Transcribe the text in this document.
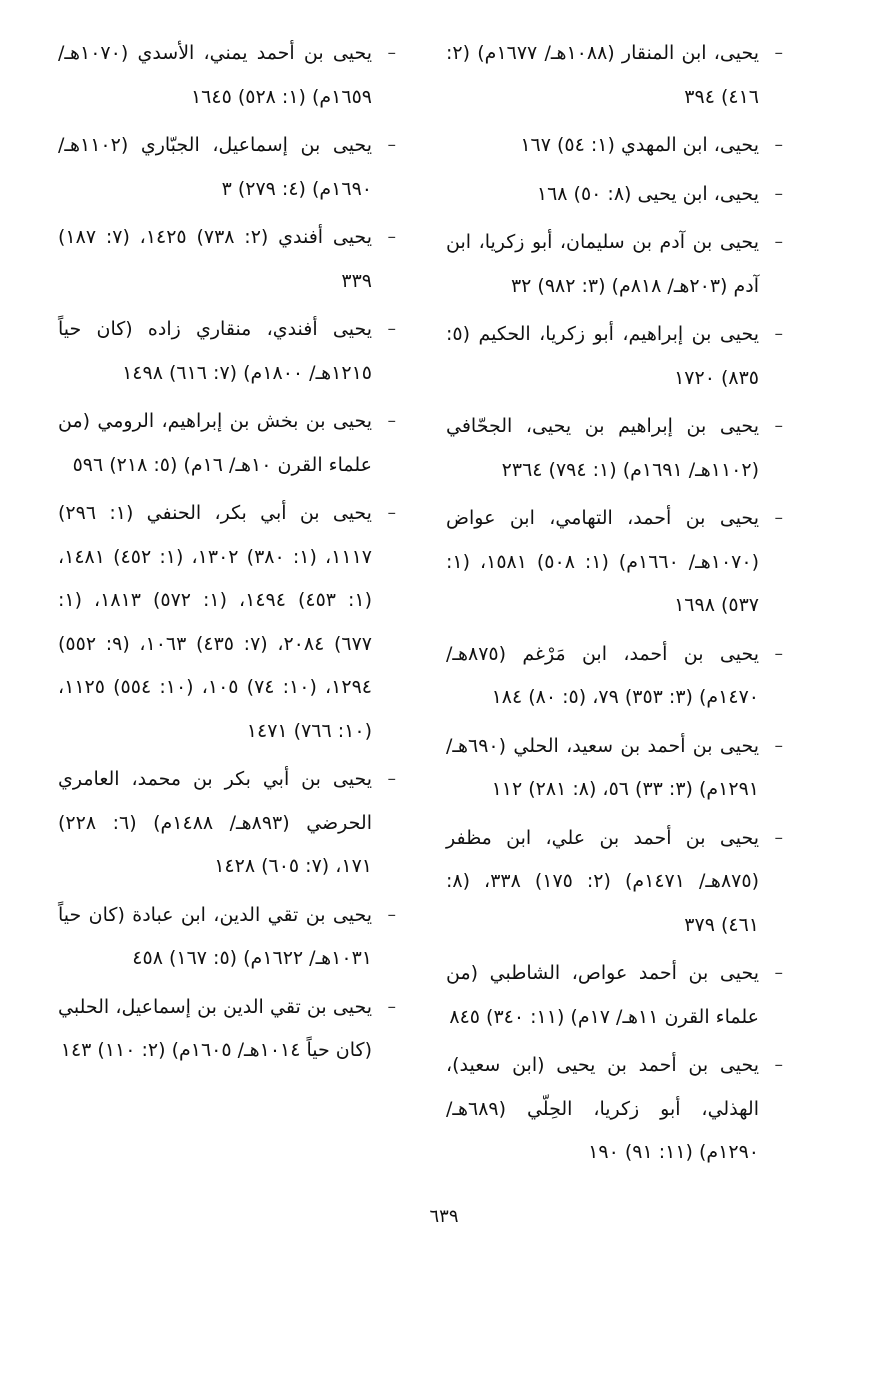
–
يحيى، ابن المنقار (١٠٨٨هـ/ ١٦٧٧م) (٢: ٤١٦) ٣٩٤
–
يحيى، ابن المهدي (١: ٥٤) ١٦٧
–
يحيى، ابن يحيى (٨: ٥٠) ١٦٨
–
يحيى بن آدم بن سليمان، أبو زكريا، ابن آدم (٢٠٣هـ/ ٨١٨م) (٣: ٩٨٢) ٣٢
–
يحيى بن إبراهيم، أبو زكريا، الحكيم (٥: ٨٣٥) ١٧٢٠
–
يحيى بن إبراهيم بن يحيى، الجحّافي (١١٠٢هـ/ ١٦٩١م) (١: ٧٩٤) ٢٣٦٤
–
يحيى بن أحمد، التهامي، ابن عواض (١٠٧٠هـ/ ١٦٦٠م) (١: ٥٠٨) ١٥٨١، (١: ٥٣٧) ١٦٩٨
–
يحيى بن أحمد، ابن مَرْغم (٨٧٥هـ/ ١٤٧٠م) (٣: ٣٥٣) ٧٩، (٥: ٨٠) ١٨٤
–
يحيى بن أحمد بن سعيد، الحلي (٦٩٠هـ/ ١٢٩١م) (٣: ٣٣) ٥٦، (٨: ٢٨١) ١١٢
–
يحيى بن أحمد بن علي، ابن مظفر (٨٧٥هـ/ ١٤٧١م) (٢: ١٧٥) ٣٣٨، (٨: ٤٦١) ٣٧٩
–
يحيى بن أحمد عواص، الشاطبي (من علماء القرن ١١هـ/ ١٧م) (١١: ٣٤٠) ٨٤٥
–
يحيى بن أحمد بن يحيى (ابن سعيد)، الهذلي، أبو زكريا، الحِلّي (٦٨٩هـ/ ١٢٩٠م) (١١: ٩١) ١٩٠
–
يحيى بن أحمد يمني، الأسدي (١٠٧٠هـ/ ١٦٥٩م) (١: ٥٢٨) ١٦٤٥
–
يحيى بن إسماعيل، الجبّاري (١١٠٢هـ/ ١٦٩٠م) (٤: ٢٧٩) ٣
–
يحيى أفندي (٢: ٧٣٨) ١٤٢٥، (٧: ١٨٧) ٣٣٩
–
يحيى أفندي، منقاري زاده (كان حياً ١٢١٥هـ/ ١٨٠٠م) (٧: ٦١٦) ١٤٩٨
–
يحيى بن بخش بن إبراهيم، الرومي (من علماء القرن ١٠هـ/ ١٦م) (٥: ٢١٨) ٥٩٦
–
يحيى بن أبي بكر، الحنفي (١: ٢٩٦) ١١١٧، (١: ٣٨٠) ١٣٠٢، (١: ٤٥٢) ١٤٨١، (١: ٤٥٣) ١٤٩٤، (١: ٥٧٢) ١٨١٣، (١: ٦٧٧) ٢٠٨٤، (٧: ٤٣٥) ١٠٦٣، (٩: ٥٥٢) ١٢٩٤، (١٠: ٧٤) ١٠٥، (١٠: ٥٥٤) ١١٢٥، (١٠: ٧٦٦) ١٤٧١
–
يحيى بن أبي بكر بن محمد، العامري الحرضي (٨٩٣هـ/ ١٤٨٨م) (٦: ٢٢٨) ١٧١، (٧: ٦٠٥) ١٤٢٨
–
يحيى بن تقي الدين، ابن عبادة (كان حياً ١٠٣١هـ/ ١٦٢٢م) (٥: ١٦٧) ٤٥٨
–
يحيى بن تقي الدين بن إسماعيل، الحلبي (كان حياً ١٠١٤هـ/ ١٦٠٥م) (٢: ١١٠) ١٤٣
٦٣٩
